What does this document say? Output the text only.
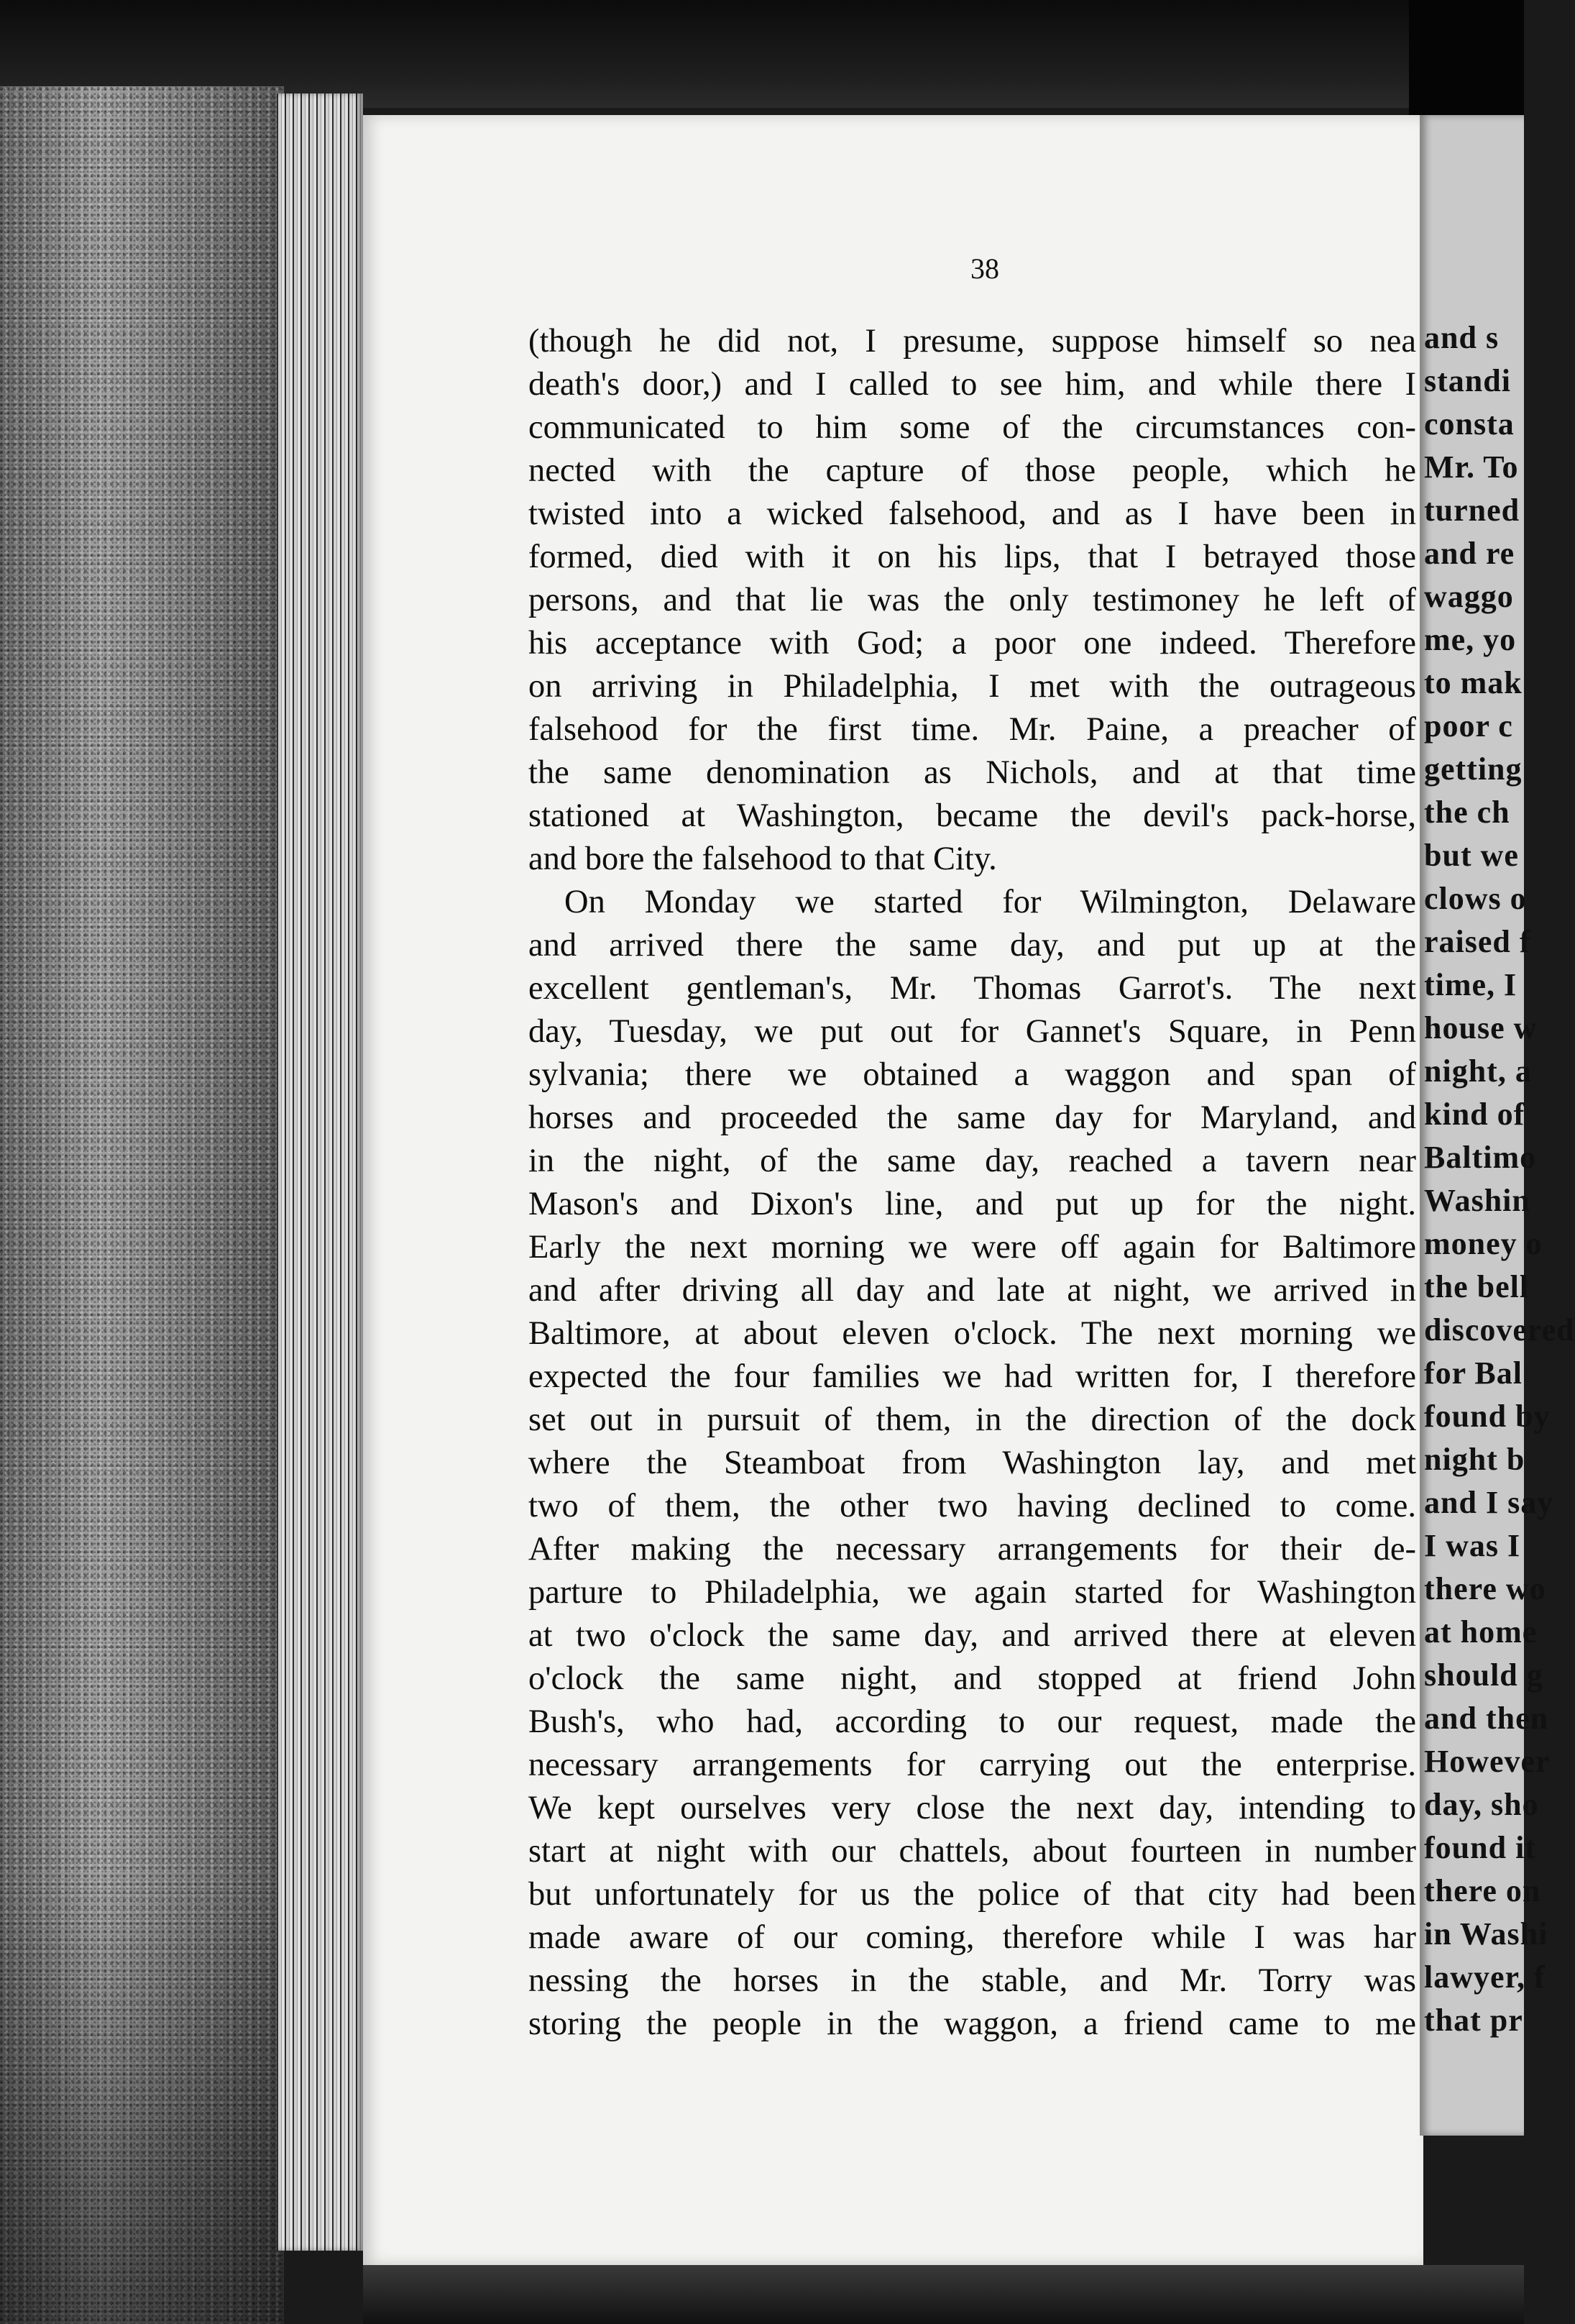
38
(though he did not, I presume, suppose himself so nea
death's door,) and I called to see him, and while there I
communicated to him some of the circumstances con-
nected with the capture of those people, which he
twisted into a wicked falsehood, and as I have been in
formed, died with it on his lips, that I betrayed those
persons, and that lie was the only testimoney he left of
his acceptance with God; a poor one indeed. Therefore
on arriving in Philadelphia, I met with the outrageous
falsehood for the first time. Mr. Paine, a preacher of
the same denomination as Nichols, and at that time
stationed at Washington, became the devil's pack-horse,
and bore the falsehood to that City.
On Monday we started for Wilmington, Delaware
and arrived there the same day, and put up at the
excellent gentleman's, Mr. Thomas Garrot's. The next
day, Tuesday, we put out for Gannet's Square, in Penn
sylvania; there we obtained a waggon and span of
horses and proceeded the same day for Maryland, and
in the night, of the same day, reached a tavern near
Mason's and Dixon's line, and put up for the night.
Early the next morning we were off again for Baltimore
and after driving all day and late at night, we arrived in
Baltimore, at about eleven o'clock. The next morning we
expected the four families we had written for, I therefore
set out in pursuit of them, in the direction of the dock
where the Steamboat from Washington lay, and met
two of them, the other two having declined to come.
After making the necessary arrangements for their de-
parture to Philadelphia, we again started for Washington
at two o'clock the same day, and arrived there at eleven
o'clock the same night, and stopped at friend John
Bush's, who had, according to our request, made the
necessary arrangements for carrying out the enterprise.
We kept ourselves very close the next day, intending to
start at night with our chattels, about fourteen in number
but unfortunately for us the police of that city had been
made aware of our coming, therefore while I was har
nessing the horses in the stable, and Mr. Torry was
storing the people in the waggon, a friend came to me
and s
standi
consta
Mr. To
turned
and re
waggo
me, yo
to mak
poor c
getting
the ch
but we
clows o
raised f
time, I
house w
night, a
kind of
Baltimo
Washin
money o
the bell
discovered
for Bal
found by
night b
and I say
I was I
there wo
at home
should g
and then
However
day, sho
found it
there on
in Washi
lawyer, f
that pr
